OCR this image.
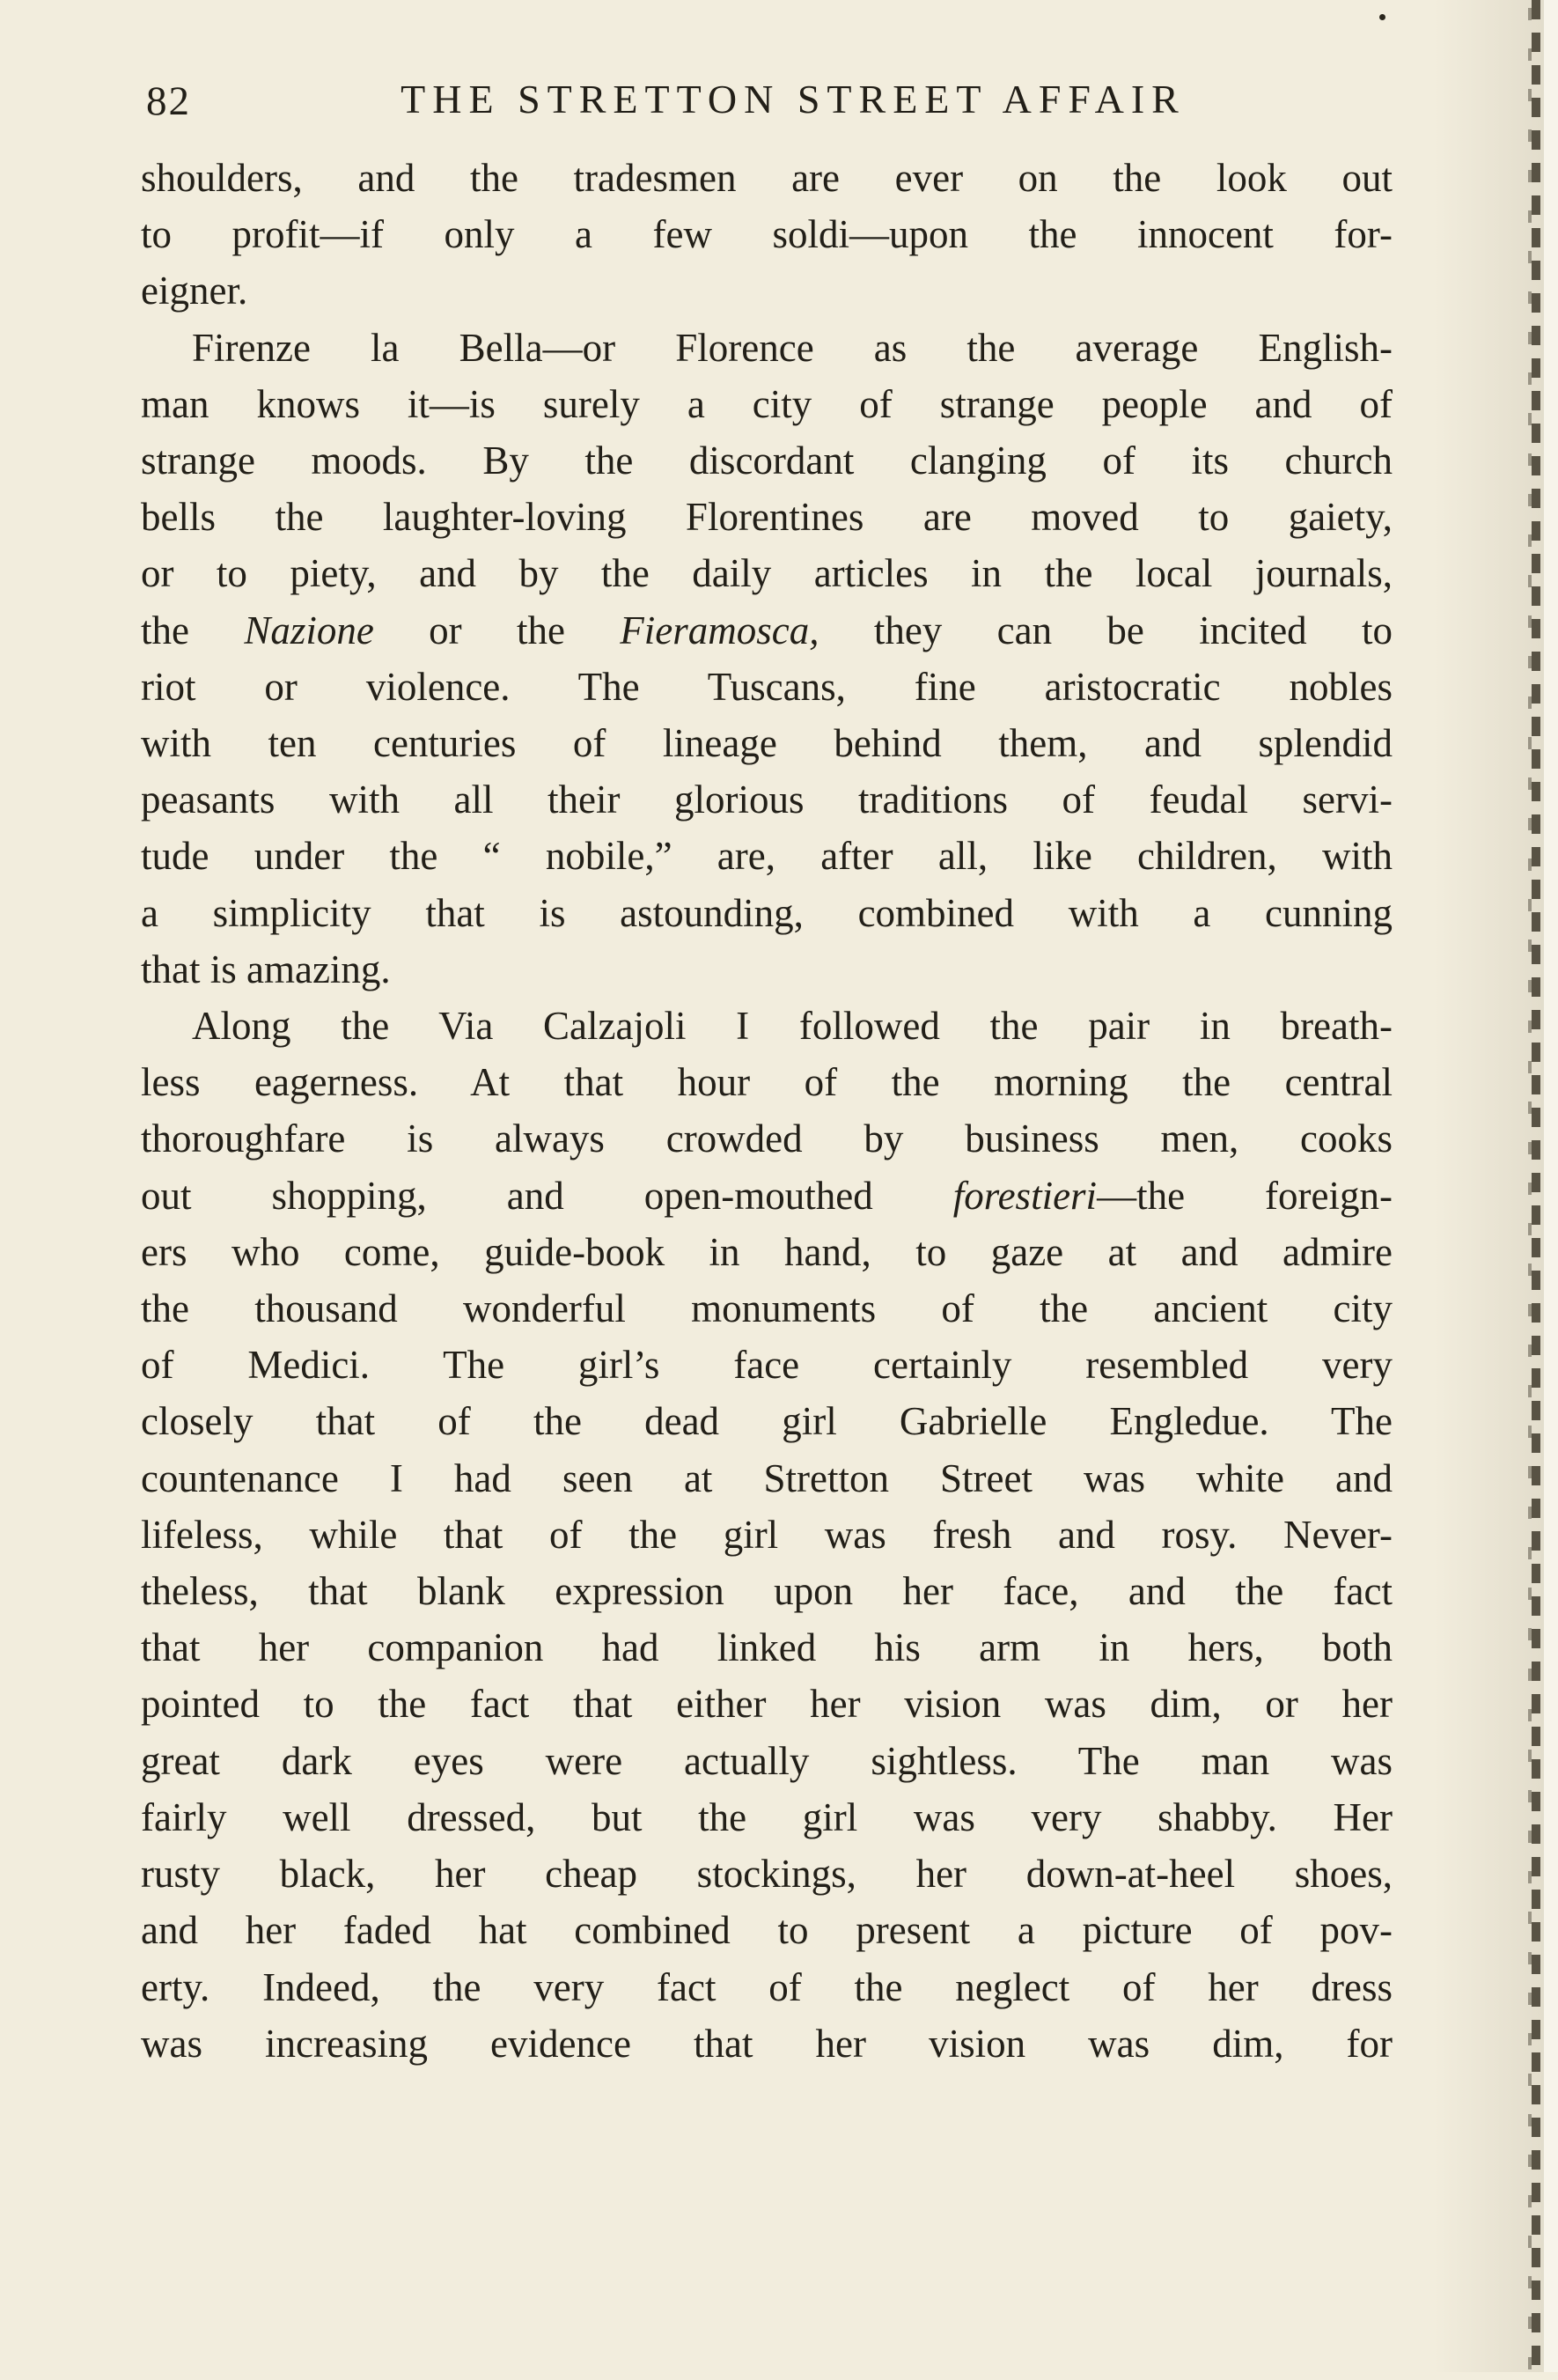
82	THE STRETTON STREET AFFAIR
shoulders, and the tradesmen are ever on the look out
to profit—if only a few soldi—upon the innocent for-
eigner.
Firenze la Bella—or Florence as the average English-
man knows it—is surely a city of strange people and of
strange moods. By the discordant clanging of its church
bells the laughter-loving Florentines are moved to gaiety,
or to piety, and by the daily articles in the local journals,
the Nazione or the Fieramosca, they can be incited to
riot or violence. The Tuscans, fine aristocratic nobles
with ten centuries of lineage behind them, and splendid
peasants with all their glorious traditions of feudal servi-
tude under the “ nobile,” are, after all, like children, with
a simplicity that is astounding, combined with a cunning
that is amazing.
Along the Via Calzajoli I followed the pair in breath-
less eagerness. At that hour of the morning the central
thoroughfare is always crowded by business men, cooks
out shopping, and open-mouthed forestieri—the foreign-
ers who come, guide-book in hand, to gaze at and admire
the thousand wonderful monuments of the ancient city
of Medici. The girl’s face certainly resembled very
closely that of the dead girl Gabrielle Engledue. The
countenance I had seen at Stretton Street was white and
lifeless, while that of the girl was fresh and rosy. Never-
theless, that blank expression upon her face, and the fact
that her companion had linked his arm in hers, both
pointed to the fact that either her vision was dim, or her
great dark eyes were actually sightless. The man was
fairly well dressed, but the girl was very shabby. Her
rusty black, her cheap stockings, her down-at-heel shoes,
and her faded hat combined to present a picture of pov-
erty. Indeed, the very fact of the neglect of her dress
was increasing evidence that her vision was dim, for
